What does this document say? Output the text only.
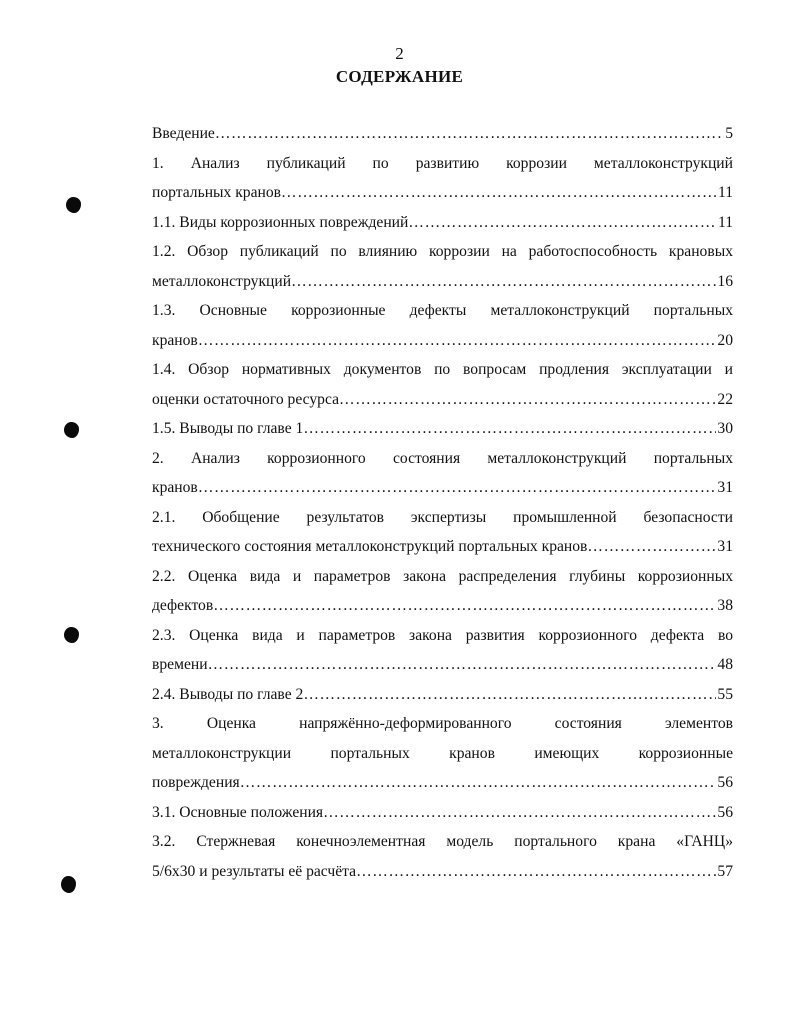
2
СОДЕРЖАНИЕ
Введение …………………………………………………………………………………………………………………………………………………………………………	5
1. Анализ публикаций по развитию коррозии металлоконструкций
портальных кранов …………………………………………………………………………………………………………………………………………………………………………	11
1.1. Виды коррозионных повреждений …………………………………………………………………………………………………………………………………………………………………………	11
1.2. Обзор публикаций по влиянию коррозии на работоспособность крановых
металлоконструкций …………………………………………………………………………………………………………………………………………………………………………	16
1.3. Основные коррозионные дефекты металлоконструкций портальных
кранов …………………………………………………………………………………………………………………………………………………………………………	20
1.4. Обзор нормативных документов по вопросам продления эксплуатации и
оценки остаточного ресурса …………………………………………………………………………………………………………………………………………………………………………	22
1.5. Выводы по главе 1 …………………………………………………………………………………………………………………………………………………………………………	30
2. Анализ коррозионного состояния металлоконструкций портальных
кранов …………………………………………………………………………………………………………………………………………………………………………	31
2.1. Обобщение результатов экспертизы промышленной безопасности
технического состояния металлоконструкций портальных кранов …………………………………………………………………………………………………………………………………………………………………………	31
2.2. Оценка вида и параметров закона распределения глубины коррозионных
дефектов …………………………………………………………………………………………………………………………………………………………………………	38
2.3. Оценка вида и параметров закона развития коррозионного дефекта во
времени …………………………………………………………………………………………………………………………………………………………………………	48
2.4. Выводы по главе 2 …………………………………………………………………………………………………………………………………………………………………………	55
3. Оценка напряжённо-деформированного состояния элементов
металлоконструкции портальных кранов имеющих коррозионные
повреждения …………………………………………………………………………………………………………………………………………………………………………	56
3.1. Основные положения …………………………………………………………………………………………………………………………………………………………………………	56
3.2. Стержневая конечноэлементная модель портального крана «ГАНЦ»
5/6х30 и результаты её расчёта …………………………………………………………………………………………………………………………………………………………………………	57
